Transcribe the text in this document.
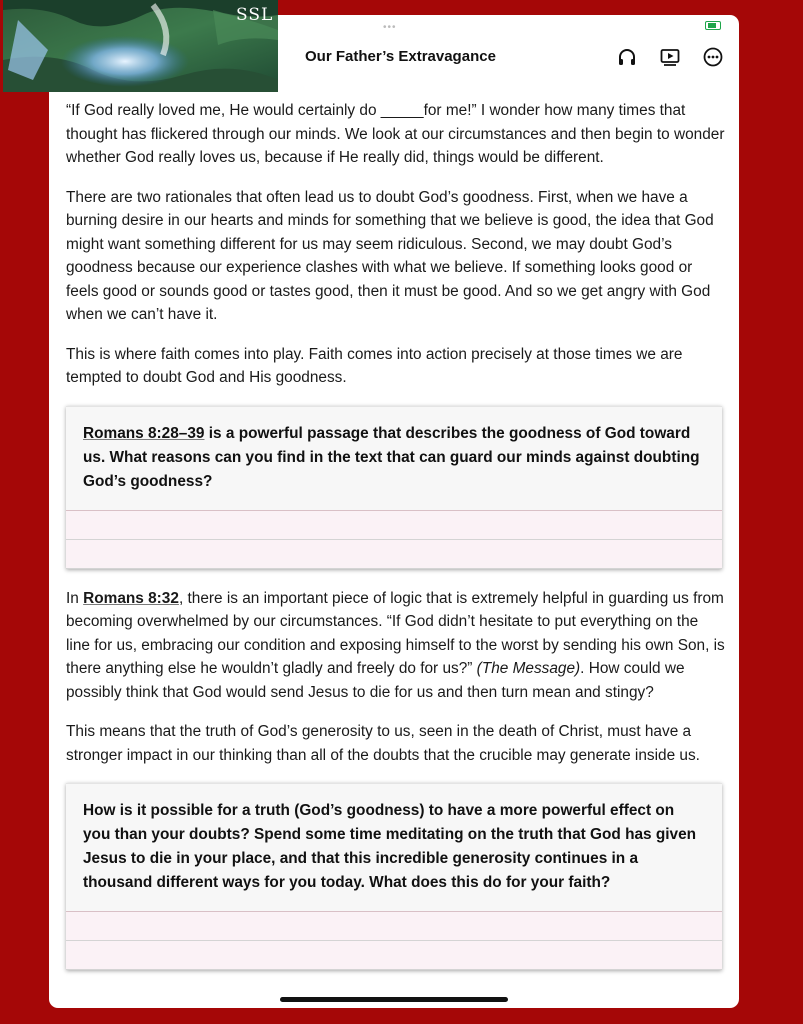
•••
Our Father’s Extravagance

“If God really loved me, He would certainly do _____for me!” I wonder how many times that thought has flickered through our minds. We look at our circumstances and then begin to wonder whether God really loves us, because if He really did, things would be different.

There are two rationales that often lead us to doubt God’s goodness. First, when we have a burning desire in our hearts and minds for something that we believe is good, the idea that God might want something different for us may seem ridiculous. Second, we may doubt God’s goodness because our experience clashes with what we believe. If something looks good or feels good or sounds good or tastes good, then it must be good. And so we get angry with God when we can’t have it.

This is where faith comes into play. Faith comes into action precisely at those times we are tempted to doubt God and His goodness.

Romans 8:28–39 is a powerful passage that describes the goodness of God toward us. What reasons can you find in the text that can guard our minds against doubting God’s goodness?

In Romans 8:32, there is an important piece of logic that is extremely helpful in guarding us from becoming overwhelmed by our circumstances. “If God didn’t hesitate to put everything on the line for us, embracing our condition and exposing himself to the worst by sending his own Son, is there anything else he wouldn’t gladly and freely do for us?” (The Message). How could we possibly think that God would send Jesus to die for us and then turn mean and stingy?

This means that the truth of God’s generosity to us, seen in the death of Christ, must have a stronger impact in our thinking than all of the doubts that the crucible may generate inside us.

How is it possible for a truth (God’s goodness) to have a more powerful effect on you than your doubts? Spend some time meditating on the truth that God has given Jesus to die in your place, and that this incredible generosity continues in a thousand different ways for you today. What does this do for your faith?
SSL
